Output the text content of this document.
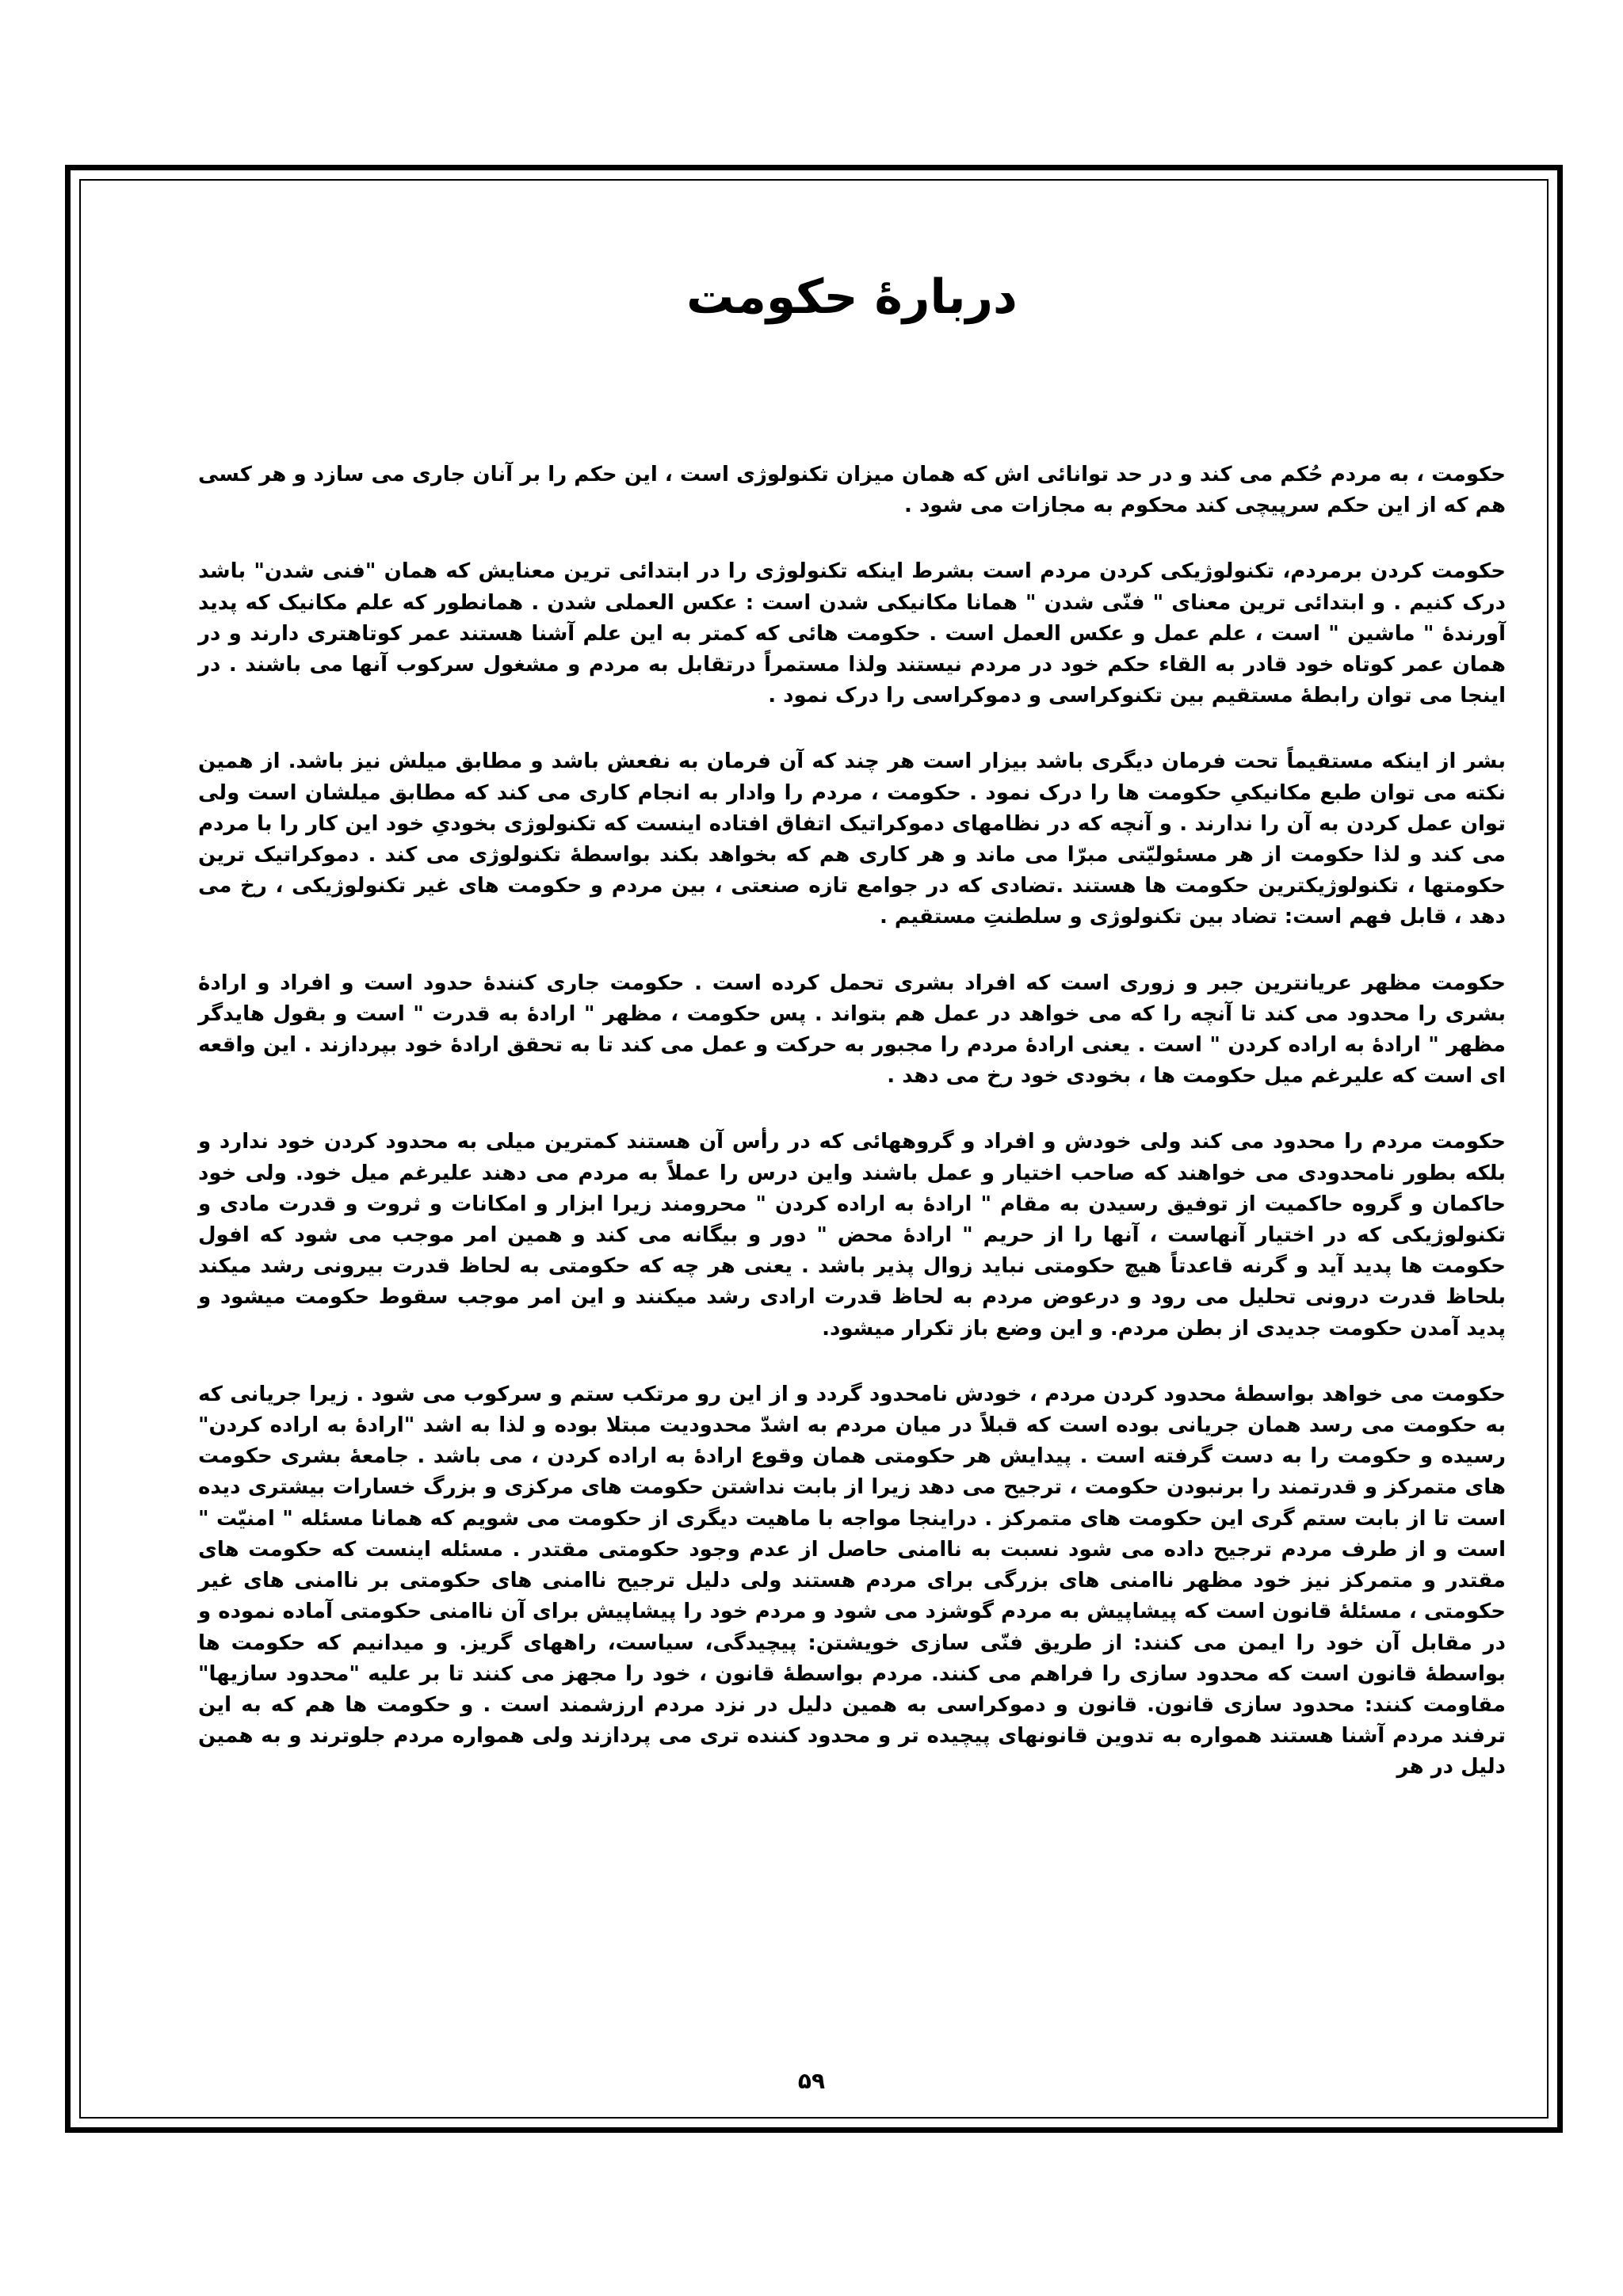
دربارهٔ حکومت

حکومت ، به مردم حُکم می کند و در حد توانائی اش که همان میزان تکنولوژی است ، این حکم را بر آنان جاری می سازد و هر کسی هم که از این حکم سرپیچی کند محکوم به مجازات می شود .

حکومت کردن برمردم، تکنولوژیکی کردن مردم است بشرط اینکه تکنولوژی را در ابتدائی ترین معنایش که همان "فنی شدن" باشد درک کنیم . و ابتدائی ترین معنای " فنّی شدن " همانا مکانیکی شدن است : عکس العملی شدن . همانطور که علم مکانیک که پدید آورندهٔ " ماشین " است ، علم عمل و عکس العمل است . حکومت هائی که کمتر به این علم آشنا هستند عمر کوتاهتری دارند و در همان عمر کوتاه خود قادر به القاء حکم خود در مردم نیستند ولذا مستمراً درتقابل به مردم و مشغول سرکوب آنها می باشند . در اینجا می توان رابطهٔ مستقیم بین تکنوکراسی و دموکراسی را درک نمود .

بشر از اینکه مستقیماً تحت فرمان دیگری باشد بیزار است هر چند که آن فرمان به نفعش باشد و مطابق میلش نیز باشد. از همین نکته می توان طبع مکانیکیِ حکومت ها را درک نمود . حکومت ، مردم را وادار به انجام کاری می کند که مطابق میلشان است ولی توان عمل کردن به آن را ندارند . و آنچه که در نظامهای دموکراتیک اتفاق افتاده اینست که تکنولوژی بخودیِ خود این کار را با مردم می کند و لذا حکومت از هر مسئولیّتی مبرّا می ماند و هر کاری هم که بخواهد بکند بواسطهٔ تکنولوژی می کند . دموکراتیک ترین حکومتها ، تکنولوژیکترین حکومت ها هستند .تضادی که در جوامع تازه صنعتی ، بین مردم و حکومت های غیر تکنولوژیکی ، رخ می دهد ، قابل فهم است: تضاد بین تکنولوژی و سلطنتِ مستقیم .

حکومت مظهر عریانترین جبر و زوری است که افراد بشری تحمل کرده است . حکومت جاری کنندهٔ حدود است و افراد و ارادهٔ بشری را محدود می کند تا آنچه را که می خواهد در عمل هم بتواند . پس حکومت ، مظهر " ارادهٔ به قدرت " است و بقول هایدگر مظهر " ارادهٔ به اراده کردن " است . یعنی ارادهٔ مردم را مجبور به حرکت و عمل می کند تا به تحقق ارادهٔ خود بپردازند . این واقعه ای است که علیرغم میل حکومت ها ، بخودی خود رخ می دهد .

حکومت مردم را محدود می کند ولی خودش و افراد و گروههائی که در رأس آن هستند کمترین میلی به محدود کردن خود ندارد و بلکه بطور نامحدودی می خواهند که صاحب اختیار و عمل باشند واین درس را عملاً به مردم می دهند علیرغم میل خود. ولی خود حاکمان و گروه حاکمیت از توفیق رسیدن به مقام " ارادهٔ به اراده کردن " محرومند زیرا ابزار و امکانات و ثروت و قدرت مادی و تکنولوژیکی که در اختیار آنهاست ، آنها را از حریم " ارادهٔ محض " دور و بیگانه می کند و همین امر موجب می شود که افول حکومت ها پدید آید و گرنه قاعدتاً هیچ حکومتی نباید زوال پذیر باشد . یعنی هر چه که حکومتی به لحاظ قدرت بیرونی رشد میکند بلحاظ قدرت درونی تحلیل می رود و درعوض مردم به لحاظ قدرت ارادی رشد میکنند و این امر موجب سقوط حکومت میشود و پدید آمدن حکومت جدیدی از بطن مردم. و این وضع باز تکرار میشود.

حکومت می خواهد بواسطهٔ محدود کردن مردم ، خودش نامحدود گردد و از این رو مرتکب ستم و سرکوب می شود . زیرا جریانی که به حکومت می رسد همان جریانی بوده است که قبلاً در میان مردم به اشدّ محدودیت مبتلا بوده و لذا به اشد "ارادهٔ به اراده کردن" رسیده و حکومت را به دست گرفته است . پیدایش هر حکومتی همان وقوع ارادهٔ به اراده کردن ، می باشد . جامعهٔ بشری حکومت های متمرکز و قدرتمند را برنبودن حکومت ، ترجیح می دهد زیرا از بابت نداشتن حکومت های مرکزی و بزرگ خسارات بیشتری دیده است تا از بابت ستم گری این حکومت های متمرکز . دراینجا مواجه با ماهیت دیگری از حکومت می شویم که همانا مسئله " امنیّت " است و از طرف مردم ترجیح داده می شود نسبت به ناامنی حاصل از عدم وجود حکومتی مقتدر . مسئله اینست که حکومت های مقتدر و متمرکز نیز خود مظهر ناامنی های بزرگی برای مردم هستند ولی دلیل ترجیح ناامنی های حکومتی بر ناامنی های غیر حکومتی ، مسئلهٔ قانون است که پیشاپیش به مردم گوشزد می شود و مردم خود را پیشاپیش برای آن ناامنی حکومتی آماده نموده و در مقابل آن خود را ایمن می کنند: از طریق فنّی سازی خویشتن: پیچیدگی، سیاست، راههای گریز. و میدانیم که حکومت ها بواسطهٔ قانون است که محدود سازی را فراهم می کنند. مردم بواسطهٔ قانون ، خود را مجهز می کنند تا بر علیه "محدود سازیها" مقاومت کنند: محدود سازی قانون. قانون و دموکراسی به همین دلیل در نزد مردم ارزشمند است . و حکومت ها هم که به این ترفند مردم آشنا هستند همواره به تدوین قانونهای پیچیده تر و محدود کننده تری می پردازند ولی همواره مردم جلوترند و به همین دلیل در هر

۵۹
